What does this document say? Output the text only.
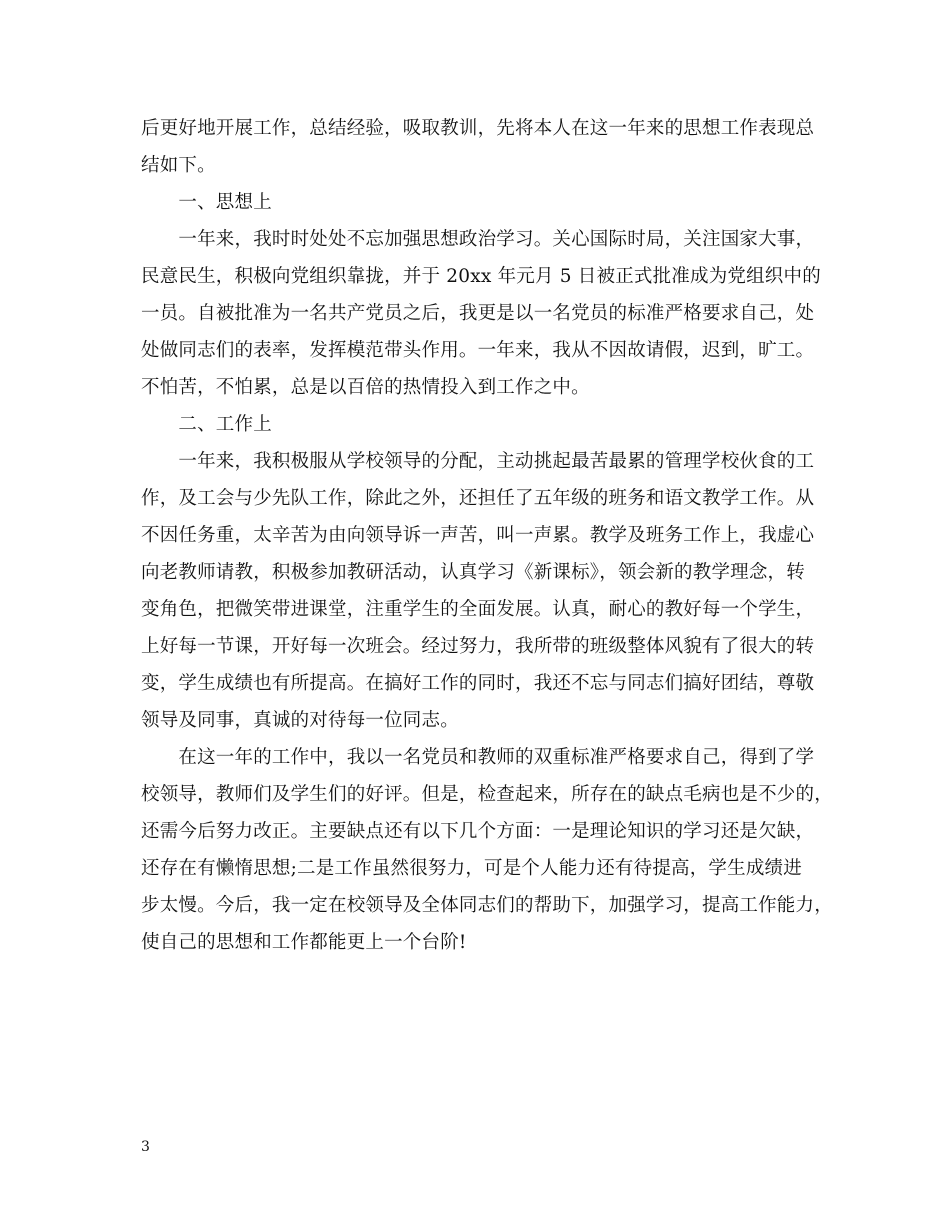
后更好地开展工作，总结经验，吸取教训，先将本人在这一年来的思想工作表现总
结如下。
　　一、思想上
　　一年来，我时时处处不忘加强思想政治学习。关心国际时局，关注国家大事，
民意民生，积极向党组织靠拢，并于 20xx 年元月 5 日被正式批准成为党组织中的
一员。自被批准为一名共产党员之后，我更是以一名党员的标准严格要求自己，处
处做同志们的表率，发挥模范带头作用。一年来，我从不因故请假，迟到，旷工。
不怕苦，不怕累，总是以百倍的热情投入到工作之中。
　　二、工作上
　　一年来，我积极服从学校领导的分配，主动挑起最苦最累的管理学校伙食的工
作，及工会与少先队工作，除此之外，还担任了五年级的班务和语文教学工作。从
不因任务重，太辛苦为由向领导诉一声苦，叫一声累。教学及班务工作上，我虚心
向老教师请教，积极参加教研活动，认真学习《新课标》，领会新的教学理念，转
变角色，把微笑带进课堂，注重学生的全面发展。认真，耐心的教好每一个学生，
上好每一节课，开好每一次班会。经过努力，我所带的班级整体风貌有了很大的转
变，学生成绩也有所提高。在搞好工作的同时，我还不忘与同志们搞好团结，尊敬
领导及同事，真诚的对待每一位同志。
　　在这一年的工作中，我以一名党员和教师的双重标准严格要求自己，得到了学
校领导，教师们及学生们的好评。但是，检查起来，所存在的缺点毛病也是不少的，
还需今后努力改正。主要缺点还有以下几个方面：一是理论知识的学习还是欠缺，
还存在有懒惰思想;二是工作虽然很努力，可是个人能力还有待提高，学生成绩进
步太慢。今后，我一定在校领导及全体同志们的帮助下，加强学习，提高工作能力，
使自己的思想和工作都能更上一个台阶!
3
